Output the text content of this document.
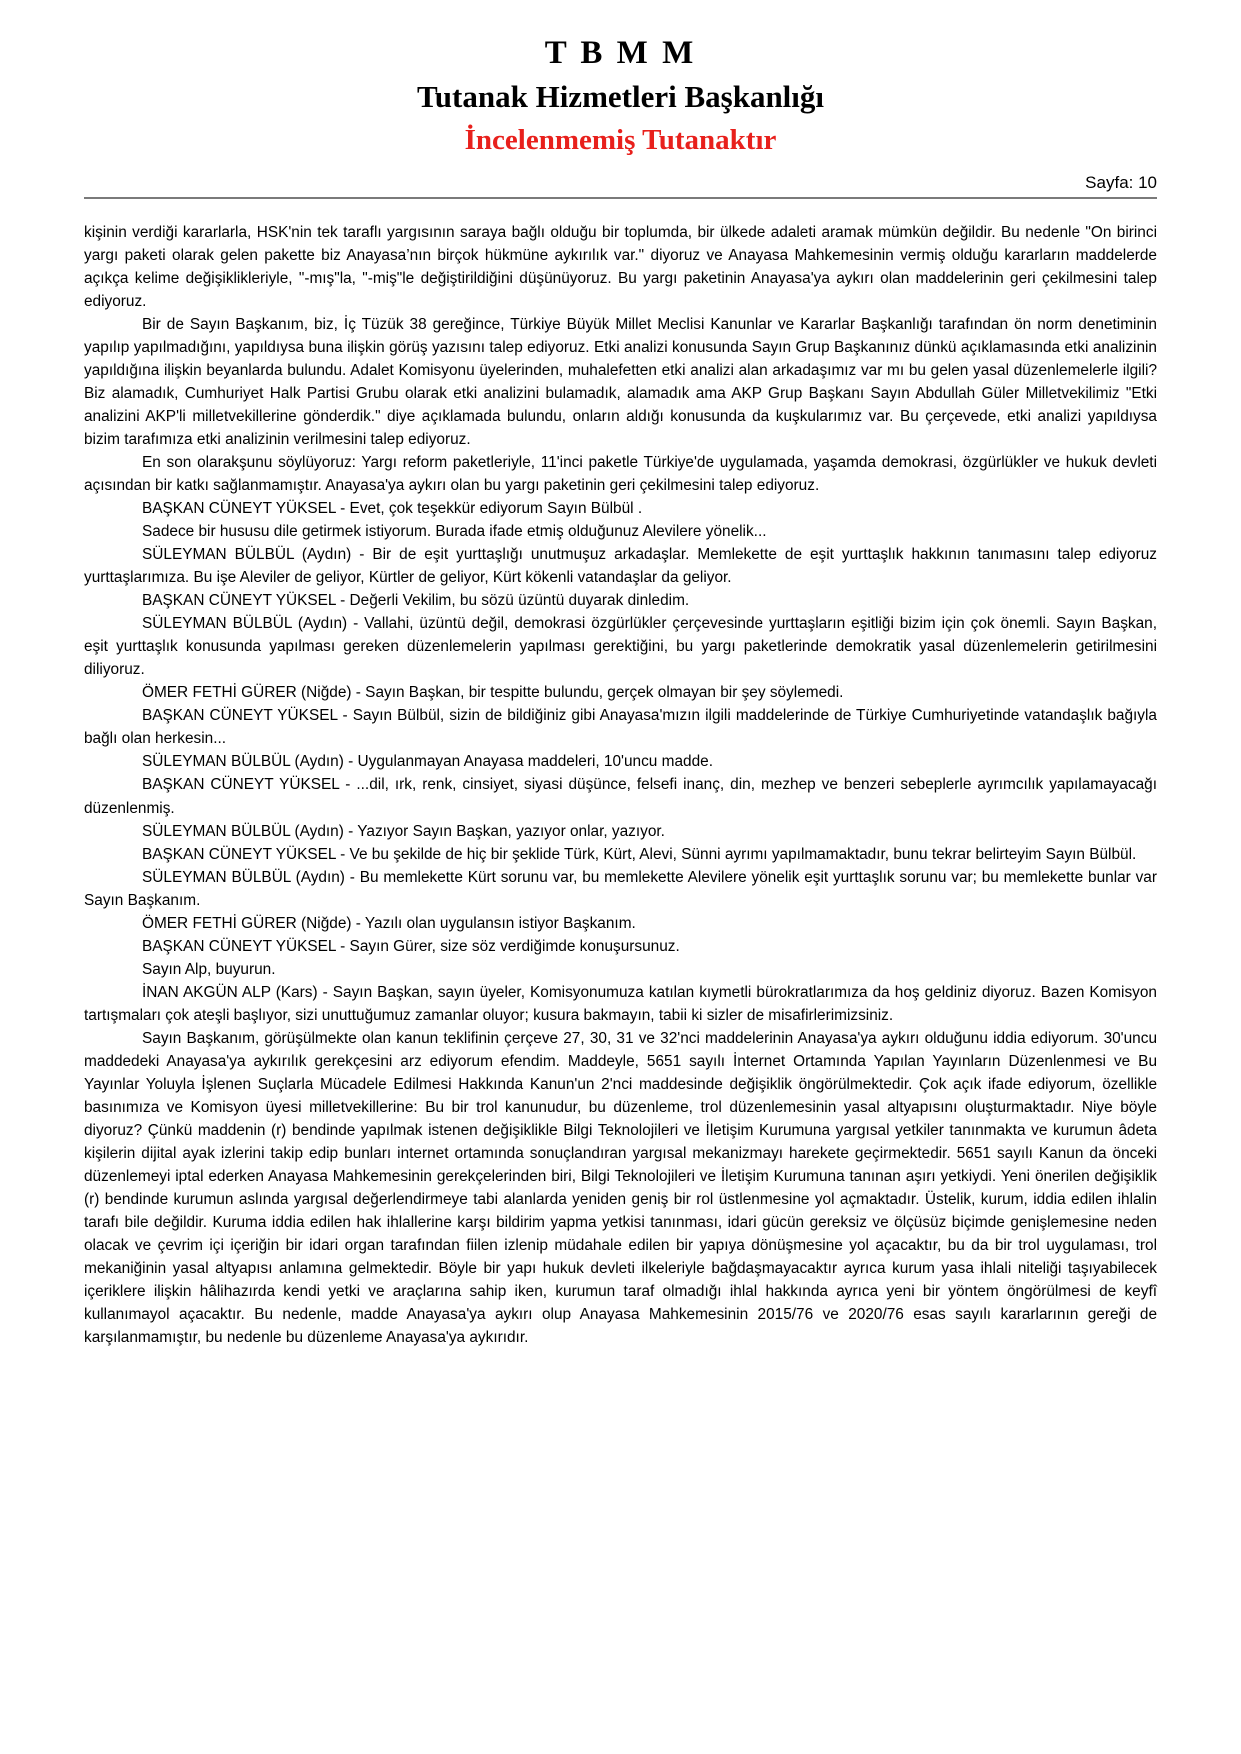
T B M M
Tutanak Hizmetleri Başkanlığı
İncelenmemiş Tutanaktır
Sayfa: 10

kişinin verdiği kararlarla, HSK'nin tek taraflı yargısının saraya bağlı olduğu bir toplumda, bir ülkede adaleti aramak mümkün değildir. Bu nedenle "On birinci yargı paketi olarak gelen pakette biz Anayasa’nın birçok hükmüne aykırılık var." diyoruz ve Anayasa Mahkemesinin vermiş olduğu kararların maddelerde açıkça kelime değişiklikleriyle, "-mış"la, "-miş"le değiştirildiğini düşünüyoruz. Bu yargı paketinin Anayasa'ya aykırı olan maddelerinin geri çekilmesini talep ediyoruz.

Bir de Sayın Başkanım, biz, İç Tüzük 38 gereğince, Türkiye Büyük Millet Meclisi Kanunlar ve Kararlar Başkanlığı tarafından ön norm denetiminin yapılıp yapılmadığını, yapıldıysa buna ilişkin görüş yazısını talep ediyoruz. Etki analizi konusunda Sayın Grup Başkanınız dünkü açıklamasında etki analizinin yapıldığına ilişkin beyanlarda bulundu. Adalet Komisyonu üyelerinden, muhalefetten etki analizi alan arkadaşımız var mı bu gelen yasal düzenlemelerle ilgili? Biz alamadık, Cumhuriyet Halk Partisi Grubu olarak etki analizini bulamadık, alamadık ama AKP Grup Başkanı Sayın Abdullah Güler Milletvekilimiz "Etki analizini AKP'li milletvekillerine gönderdik." diye açıklamada bulundu, onların aldığı konusunda da kuşkularımız var. Bu çerçevede, etki analizi yapıldıysa bizim tarafımıza etki analizinin verilmesini talep ediyoruz.

En son olarakşunu söylüyoruz: Yargı reform paketleriyle, 11'inci paketle Türkiye'de uygulamada, yaşamda demokrasi, özgürlükler ve hukuk devleti açısından bir katkı sağlanmamıştır. Anayasa'ya aykırı olan bu yargı paketinin geri çekilmesini talep ediyoruz.

BAŞKAN CÜNEYT YÜKSEL - Evet, çok teşekkür ediyorum Sayın Bülbül .

Sadece bir hususu dile getirmek istiyorum. Burada ifade etmiş olduğunuz Alevilere yönelik...

SÜLEYMAN BÜLBÜL (Aydın) - Bir de eşit yurttaşlığı unutmuşuz arkadaşlar. Memlekette de eşit yurttaşlık hakkının tanımasını talep ediyoruz yurttaşlarımıza. Bu işe Aleviler de geliyor, Kürtler de geliyor, Kürt kökenli vatandaşlar da geliyor.

BAŞKAN CÜNEYT YÜKSEL - Değerli Vekilim, bu sözü üzüntü duyarak dinledim.

SÜLEYMAN BÜLBÜL (Aydın) - Vallahi, üzüntü değil, demokrasi özgürlükler çerçevesinde yurttaşların eşitliği bizim için çok önemli. Sayın Başkan, eşit yurttaşlık konusunda yapılması gereken düzenlemelerin yapılması gerektiğini, bu yargı paketlerinde demokratik yasal düzenlemelerin getirilmesini diliyoruz.

ÖMER FETHİ GÜRER (Niğde) - Sayın Başkan, bir tespitte bulundu, gerçek olmayan bir şey söylemedi.

BAŞKAN CÜNEYT YÜKSEL - Sayın Bülbül, sizin de bildiğiniz gibi Anayasa'mızın ilgili maddelerinde de Türkiye Cumhuriyetinde vatandaşlık bağıyla bağlı olan herkesin...

SÜLEYMAN BÜLBÜL (Aydın) - Uygulanmayan Anayasa maddeleri, 10'uncu madde.

BAŞKAN CÜNEYT YÜKSEL - ...dil, ırk, renk, cinsiyet, siyasi düşünce, felsefi inanç, din, mezhep ve benzeri sebeplerle ayrımcılık yapılamayacağı düzenlenmiş.

SÜLEYMAN BÜLBÜL (Aydın) - Yazıyor Sayın Başkan, yazıyor onlar, yazıyor.

BAŞKAN CÜNEYT YÜKSEL - Ve bu şekilde de hiç bir şeklide Türk, Kürt, Alevi, Sünni ayrımı yapılmamaktadır, bunu tekrar belirteyim Sayın Bülbül.

SÜLEYMAN BÜLBÜL (Aydın) - Bu memlekette Kürt sorunu var, bu memlekette Alevilere yönelik eşit yurttaşlık sorunu var; bu memlekette bunlar var Sayın Başkanım.

ÖMER FETHİ GÜRER (Niğde) - Yazılı olan uygulansın istiyor Başkanım.

BAŞKAN CÜNEYT YÜKSEL - Sayın Gürer, size söz verdiğimde konuşursunuz.

Sayın Alp, buyurun.

İNAN AKGÜN ALP (Kars) - Sayın Başkan, sayın üyeler, Komisyonumuza katılan kıymetli bürokratlarımıza da hoş geldiniz diyoruz. Bazen Komisyon tartışmaları çok ateşli başlıyor, sizi unuttuğumuz zamanlar oluyor; kusura bakmayın, tabii ki sizler de misafirlerimizsiniz.

Sayın Başkanım, görüşülmekte olan kanun teklifinin çerçeve 27, 30, 31 ve 32'nci maddelerinin Anayasa'ya aykırı olduğunu iddia ediyorum. 30'uncu maddedeki Anayasa'ya aykırılık gerekçesini arz ediyorum efendim. Maddeyle, 5651 sayılı İnternet Ortamında Yapılan Yayınların Düzenlenmesi ve Bu Yayınlar Yoluyla İşlenen Suçlarla Mücadele Edilmesi Hakkında Kanun'un 2'nci maddesinde değişiklik öngörülmektedir. Çok açık ifade ediyorum, özellikle basınımıza ve Komisyon üyesi milletvekillerine: Bu bir trol kanunudur, bu düzenleme, trol düzenlemesinin yasal altyapısını oluşturmaktadır. Niye böyle diyoruz? Çünkü maddenin (r) bendinde yapılmak istenen değişiklikle Bilgi Teknolojileri ve İletişim Kurumuna yargısal yetkiler tanınmakta ve kurumun âdeta kişilerin dijital ayak izlerini takip edip bunları internet ortamında sonuçlandıran yargısal mekanizmayı harekete geçirmektedir. 5651 sayılı Kanun da önceki düzenlemeyi iptal ederken Anayasa Mahkemesinin gerekçelerinden biri, Bilgi Teknolojileri ve İletişim Kurumuna tanınan aşırı yetkiydi. Yeni önerilen değişiklik (r) bendinde kurumun aslında yargısal değerlendirmeye tabi alanlarda yeniden geniş bir rol üstlenmesine yol açmaktadır. Üstelik, kurum, iddia edilen ihlalin tarafı bile değildir. Kuruma iddia edilen hak ihlallerine karşı bildirim yapma yetkisi tanınması, idari gücün gereksiz ve ölçüsüz biçimde genişlemesine neden olacak ve çevrim içi içeriğin bir idari organ tarafından fiilen izlenip müdahale edilen bir yapıya dönüşmesine yol açacaktır, bu da bir trol uygulaması, trol mekaniğinin yasal altyapısı anlamına gelmektedir. Böyle bir yapı hukuk devleti ilkeleriyle bağdaşmayacaktır ayrıca kurum yasa ihlali niteliği taşıyabilecek içeriklere ilişkin hâlihazırda kendi yetki ve araçlarına sahip iken, kurumun taraf olmadığı ihlal hakkında ayrıca yeni bir yöntem öngörülmesi de keyfî kullanımayol açacaktır. Bu nedenle, madde Anayasa'ya aykırı olup Anayasa Mahkemesinin 2015/76 ve 2020/76 esas sayılı kararlarının gereği de karşılanmamıştır, bu nedenle bu düzenleme Anayasa'ya aykırıdır.
